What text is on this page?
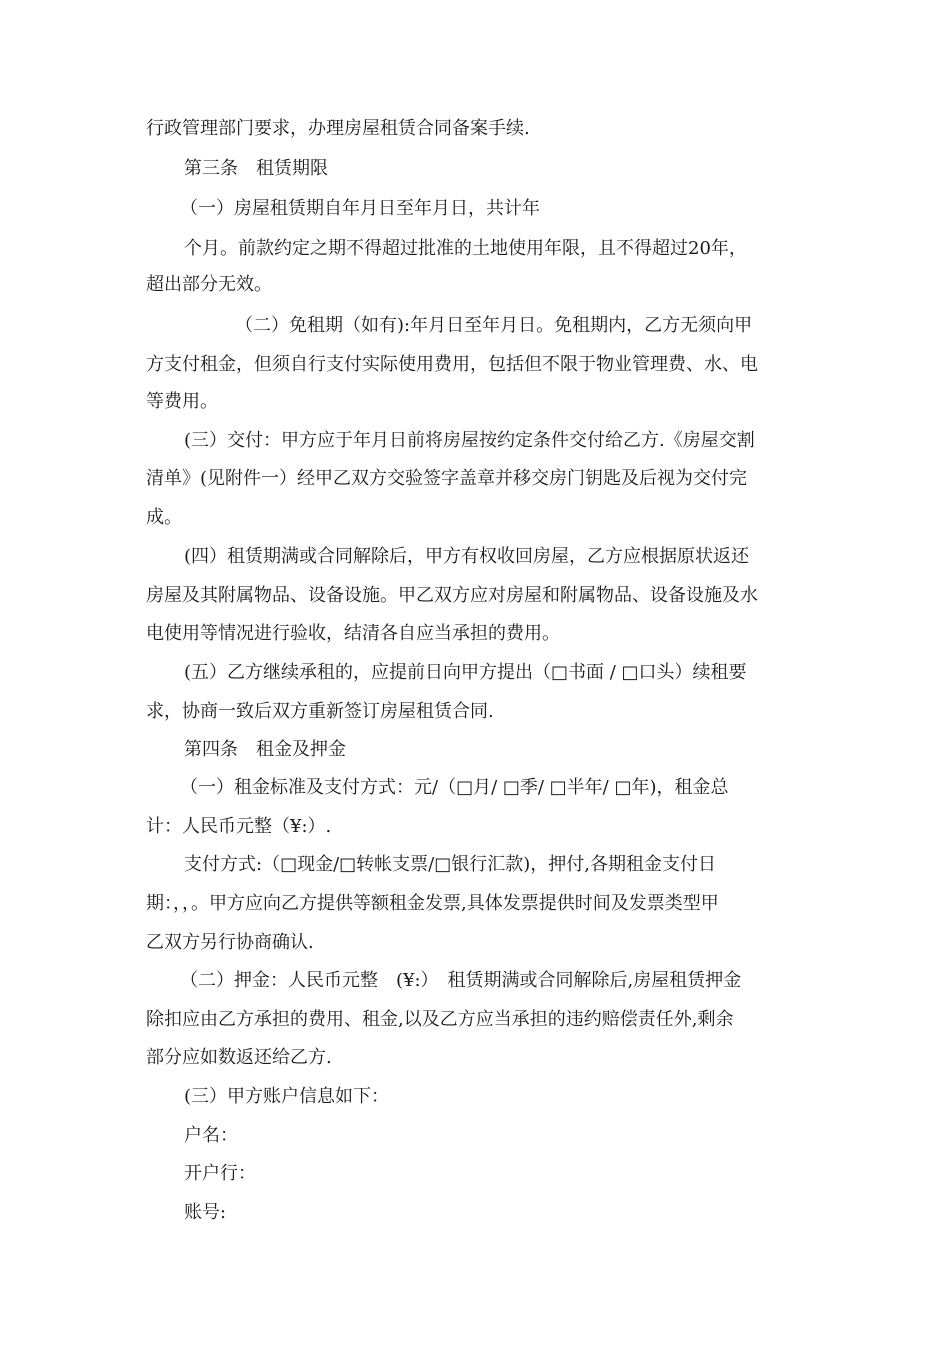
行政管理部门要求，办理房屋租赁合同备案手续.
第三条　租赁期限
（一）房屋租赁期自年月日至年月日，共计年
个月。前款约定之期不得超过批准的土地使用年限，且不得超过20年，
超出部分无效。
（二）免租期（如有):年月日至年月日。免租期内，乙方无须向甲
方支付租金，但须自行支付实际使用费用，包括但不限于物业管理费、水、电
等费用。
(三）交付：甲方应于年月日前将房屋按约定条件交付给乙方.《房屋交割
清单》(见附件一）经甲乙双方交验签字盖章并移交房门钥匙及后视为交付完
成。
(四）租赁期满或合同解除后，甲方有权收回房屋，乙方应根据原状返还
房屋及其附属物品、设备设施。甲乙双方应对房屋和附属物品、设备设施及水
电使用等情况进行验收，结清各自应当承担的费用。
(五）乙方继续承租的，应提前日向甲方提出（□书面 / □口头）续租要
求，协商一致后双方重新签订房屋租赁合同.
第四条　租金及押金
（一）租金标准及支付方式：元/（□月/ □季/ □半年/ □年)，租金总
计：人民币元整（¥:）.
支付方式:（□现金/□转帐支票/□银行汇款)，押付,各期租金支付日
期：，，。甲方应向乙方提供等额租金发票,具体发票提供时间及发票类型甲
乙双方另行协商确认.
（二）押金：人民币元整　(¥:）　租赁期满或合同解除后,房屋租赁押金
除扣应由乙方承担的费用、租金,以及乙方应当承担的违约赔偿责任外,剩余
部分应如数返还给乙方.
(三）甲方账户信息如下：
户名：
开户行：
账号:
